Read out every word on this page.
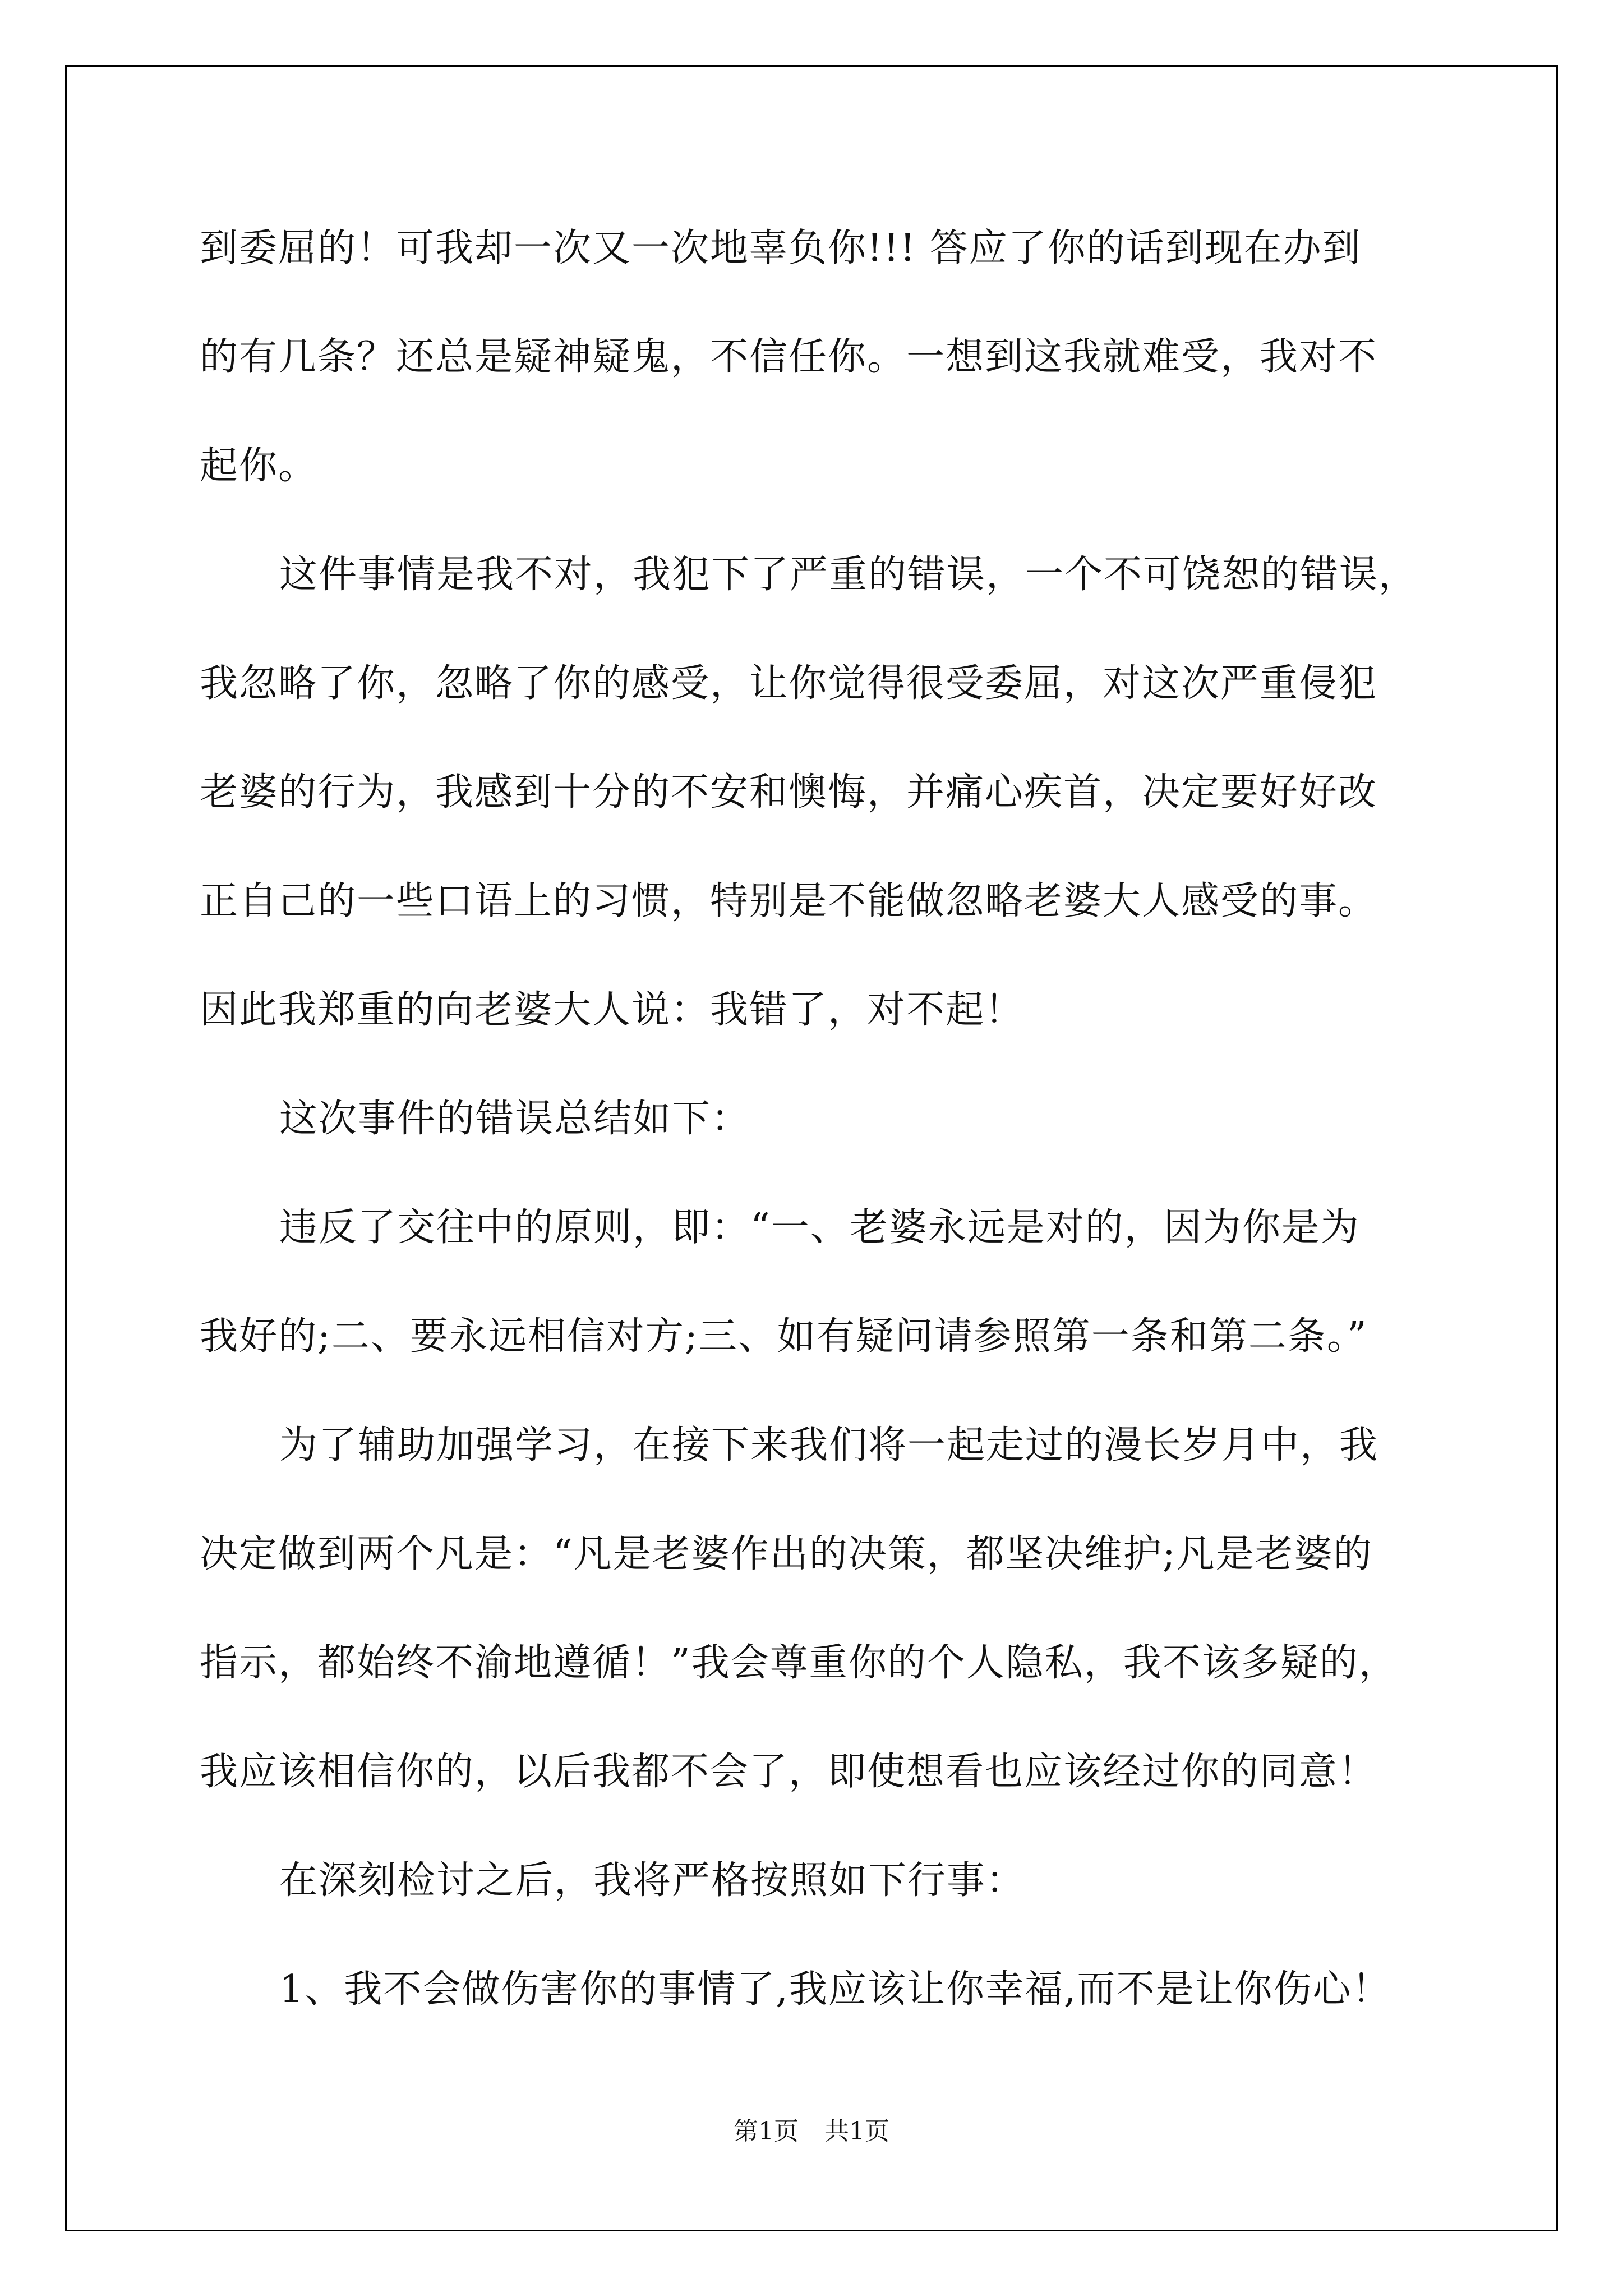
到委屈的！可我却一次又一次地辜负你!!! 答应了你的话到现在办到
的有几条？还总是疑神疑鬼，不信任你。一想到这我就难受，我对不
起你。
这件事情是我不对，我犯下了严重的错误，一个不可饶恕的错误，
我忽略了你，忽略了你的感受，让你觉得很受委屈，对这次严重侵犯
老婆的行为，我感到十分的不安和懊悔，并痛心疾首，决定要好好改
正自己的一些口语上的习惯，特别是不能做忽略老婆大人感受的事。
因此我郑重的向老婆大人说：我错了，对不起！
这次事件的错误总结如下：
违反了交往中的原则，即：“一、老婆永远是对的，因为你是为
我好的;二、要永远相信对方;三、如有疑问请参照第一条和第二条。”
为了辅助加强学习，在接下来我们将一起走过的漫长岁月中，我
决定做到两个凡是：“凡是老婆作出的决策，都坚决维护;凡是老婆的
指示，都始终不渝地遵循！”我会尊重你的个人隐私，我不该多疑的，
我应该相信你的，以后我都不会了，即使想看也应该经过你的同意！
在深刻检讨之后，我将严格按照如下行事：
1、我不会做伤害你的事情了,我应该让你幸福,而不是让你伤心！
第1页 共1页
